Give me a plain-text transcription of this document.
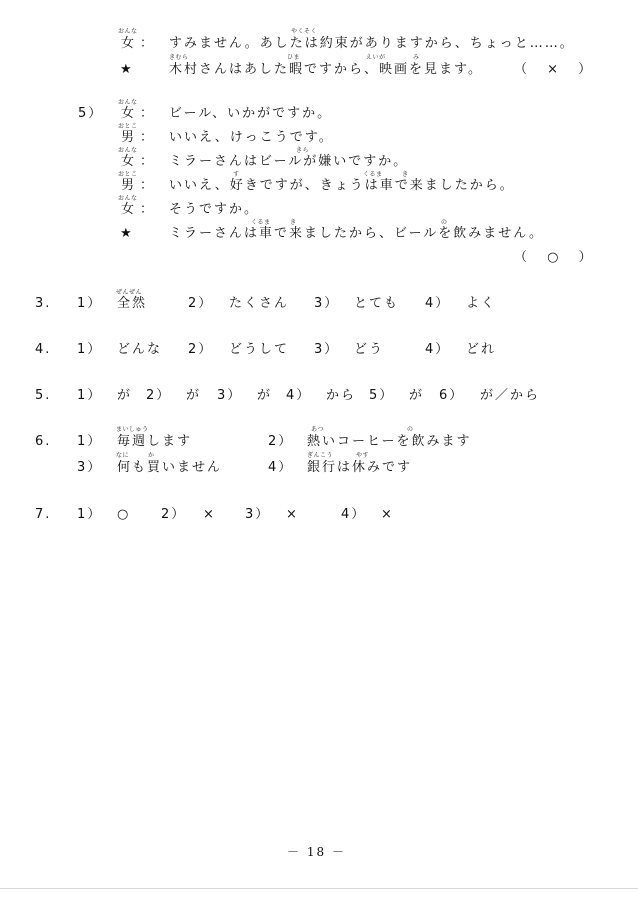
おんな	やくそく
女 ： すみません。あしたは約束がありますから、ちょっと……。
きむら	ひま	えいが	み
★	木村さんはあした暇ですから、映画を見ます。 （ × ）
5）
おんな
女 ： ビール、いかがですか。
おとこ
男 ： いいえ、けっこうです。
おんな	きら
女 ： ミラーさんはビールが嫌いですか。
おとこ	す	くるま	き
男 ： いいえ、好きですが、きょうは車で来ましたから。
おんな
女 ： そうですか。
くるま	き	の
★	ミラーさんは車で来ましたから、ビールを飲みません。
（ ○ ）
ぜんぜん
3. 1） 全然	2） たくさん 3） とても 4） よく
4. 1） どんな 2） どうして 3） どう	4） どれ
5. 1） が 2） が 3） が 4） から 5） が 6） が／から
まいしゅう	あつ	の
6. 1） 毎週します	2） 熱いコーヒーを飲みます
なに	か	ぎんこう	やす
3） 何も買いません	4） 銀行は休みです
7. 1） ○ 2） × 3） ×	4） ×
－ 18 －
